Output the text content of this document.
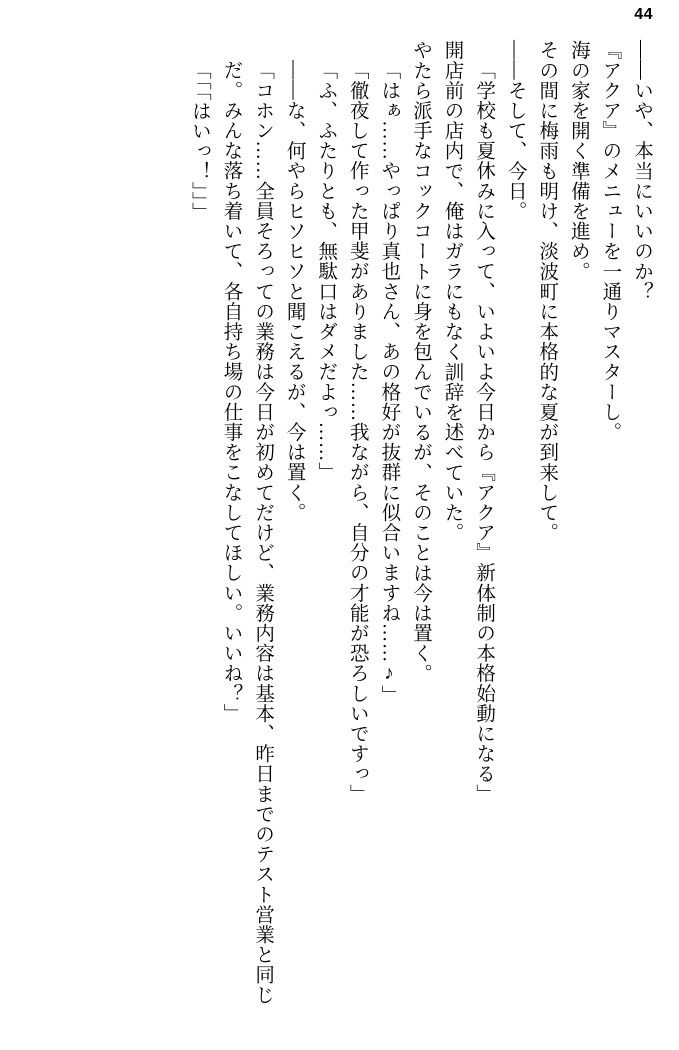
44
――いや、本当にいいのか？
『アクア』のメニューを一通りマスターし。
海の家を開く準備を進め。
その間に梅雨も明け、淡波町に本格的な夏が到来して。
――そして、今日。
「学校も夏休みに入って、いよいよ今日から『アクア』新体制の本格始動になる」
開店前の店内で、俺はガラにもなく訓辞を述べていた。
やたら派手なコックコートに身を包んでいるが、そのことは今は置く。
「はぁ……やっぱり真也さん、あの格好が抜群に似合いますね……♪」
「徹夜して作った甲斐がありました……我ながら、自分の才能が恐ろしいですっ」
「ふ、ふたりとも、無駄口はダメだよっ……」
――な、何やらヒソヒソと聞こえるが、今は置く。
「コホン……全員そろっての業務は今日が初めてだけど、業務内容は基本、昨日までのテスト営業と同じだ。みんな落ち着いて、各自持ち場の仕事をこなしてほしい。いいね？」
「「「はいっ！」」」
